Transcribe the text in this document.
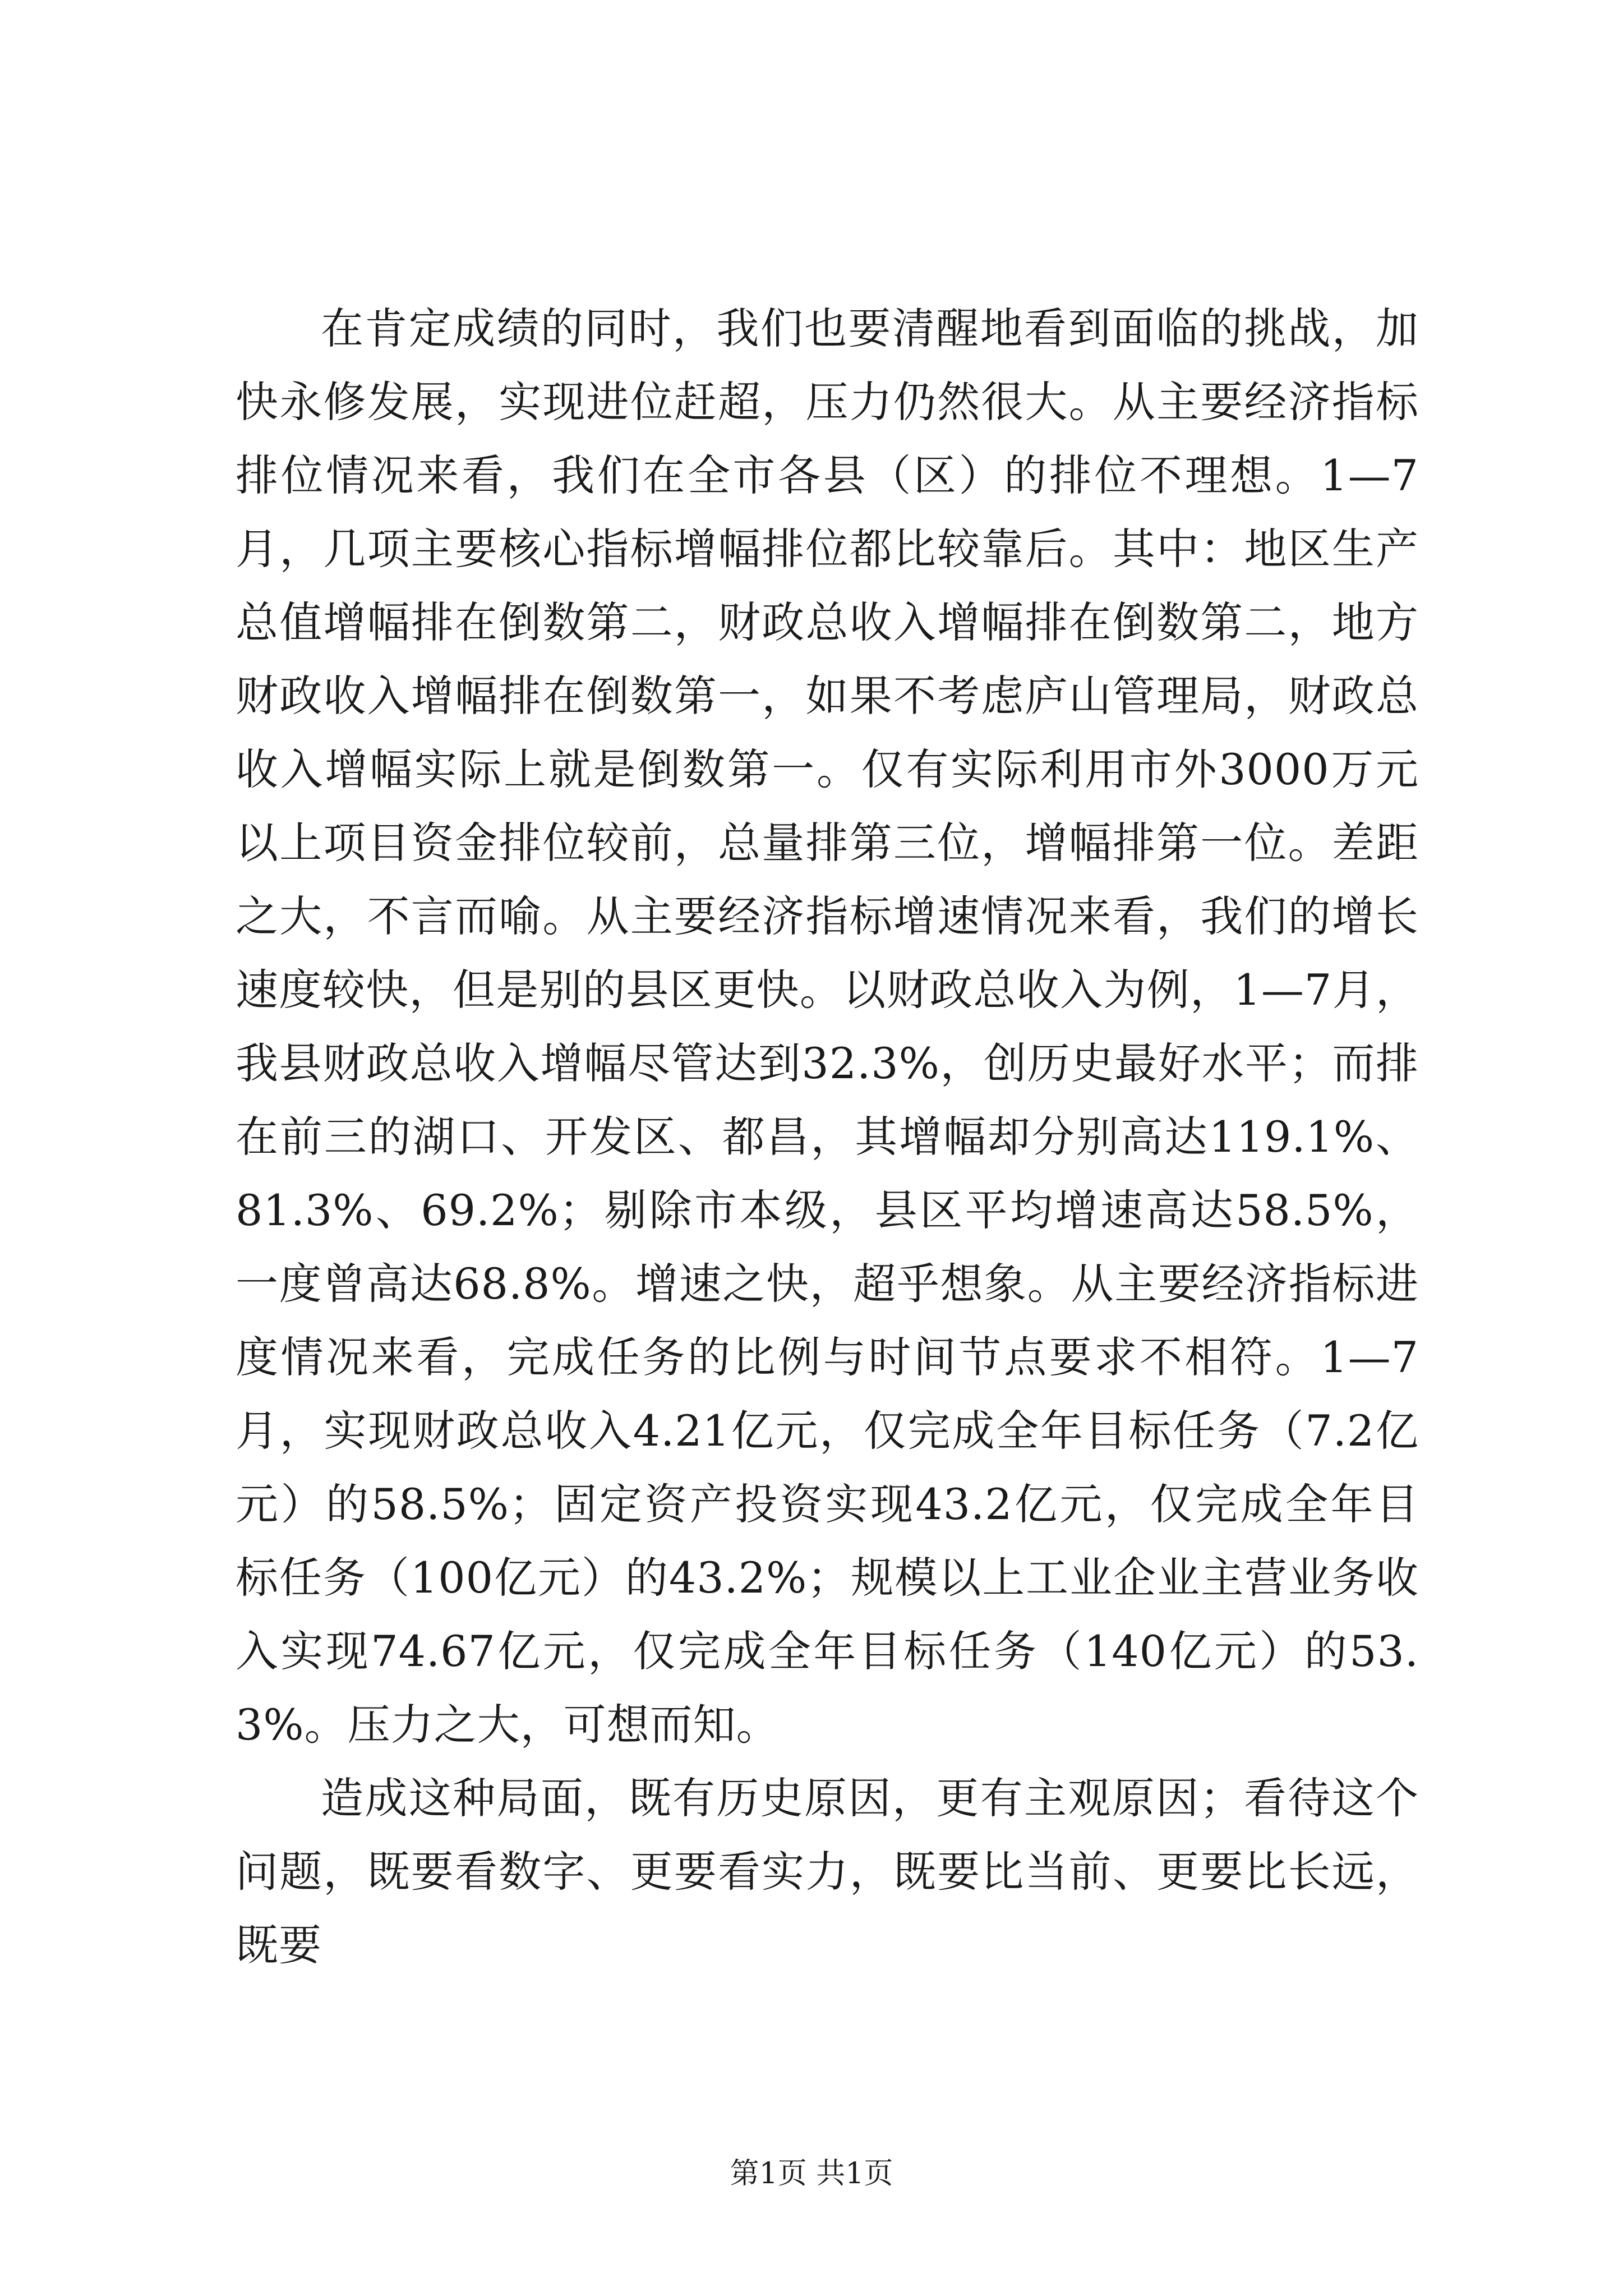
在肯定成绩的同时，我们也要清醒地看到面临的挑战，加快永修发展，实现进位赶超，压力仍然很大。从主要经济指标排位情况来看，我们在全市各县（区）的排位不理想。1—7月，几项主要核心指标增幅排位都比较靠后。其中：地区生产总值增幅排在倒数第二，财政总收入增幅排在倒数第二，地方财政收入增幅排在倒数第一，如果不考虑庐山管理局，财政总收入增幅实际上就是倒数第一。仅有实际利用市外3000万元以上项目资金排位较前，总量排第三位，增幅排第一位。差距之大，不言而喻。从主要经济指标增速情况来看，我们的增长速度较快，但是别的县区更快。以财政总收入为例，1—7月，我县财政总收入增幅尽管达到32.3%，创历史最好水平；而排在前三的湖口、开发区、都昌，其增幅却分别高达119.1%、81.3%、69.2%；剔除市本级，县区平均增速高达58.5%，一度曾高达68.8%。增速之快，超乎想象。从主要经济指标进度情况来看，完成任务的比例与时间节点要求不相符。1—7月，实现财政总收入4.21亿元，仅完成全年目标任务（7.2亿元）的58.5%；固定资产投资实现43.2亿元，仅完成全年目标任务（100亿元）的43.2%；规模以上工业企业主营业务收入实现74.67亿元，仅完成全年目标任务（140亿元）的53.3%。压力之大，可想而知。

造成这种局面，既有历史原因，更有主观原因；看待这个问题，既要看数字、更要看实力，既要比当前、更要比长远，既要

第1页 共1页
